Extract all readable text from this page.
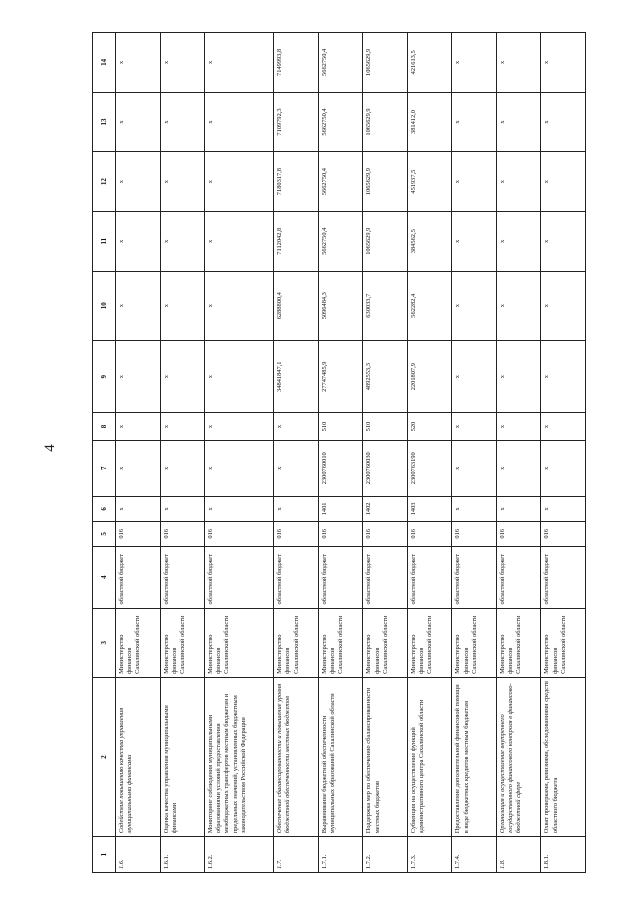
4
1	2	3	4	5	6	7	8	9	10	11	12	13	14
1.6.	Содействие повышению качества управления муниципальными финансами	Министерство финансов Сахалинской области	областной бюджет	016	x	x	x	x	x	x	x	x	x
1.6.1.	Оценка качества управления муниципальными финансами	Министерство финансов Сахалинской области	областной бюджет	016	x	x	x	x	x	x	x	x	x
1.6.2.	Мониторинг соблюдения муниципальными образованиями условий предоставления межбюджетных трансфертов местным бюджетам и предельных значений, установленных бюджетным законодательством Российской Федерации	Министерство финансов Сахалинской области	областной бюджет	016	x	x	x	x	x	x	x	x	x
1.7.	Обеспечение сбалансированности и повышение уровня бюджетной обеспеченности местных бюджетов	Министерство финансов Сахалинской области	областной бюджет	016	x	x	x	34841847,1	6288800,4	7112042,8	7180317,8	7109792,3	7149993,8
1.7.1.	Выравнивание бюджетной обеспеченности муниципальных образований Сахалинской области	Министерство финансов Сахалинской области	областной бюджет	016	1401	2300760010	510	27747485,9	5096484,3	5662750,4	5662750,4	5662750,4	5662750,4
1.7.2.	Поддержка мер по обеспечению сбалансированности местных бюджетов	Министерство финансов Сахалинской области	областной бюджет	016	1402	2300760030	510	4892553,3	630033,7	1065629,9	1065629,9	1065629,9	1065629,9
1.7.3.	Субвенция на осуществление функций административного центра Сахалинской области	Министерство финансов Сахалинской области	областной бюджет	016	1403	2300763190	520	2201807,9	562282,4	384562,5	451937,5	381412,0	421613,5
1.7.4.	Предоставление дополнительной финансовой помощи в виде бюджетных кредитов местным бюджетам	Министерство финансов Сахалинской области	областной бюджет	016	x	x	x	x	x	x	x	x	x
1.8.	Организация и осуществление внутреннего государственного финансового контроля в финансово-бюджетной сфере	Министерство финансов Сахалинской области	областной бюджет	016	x	x	x	x	x	x	x	x	x
1.8.1.	Охват проверками, ревизиями, обследованиями средств областного бюджета	Министерство финансов Сахалинской области	областной бюджет	016	x	x	x	x	x	x	x	x	x
